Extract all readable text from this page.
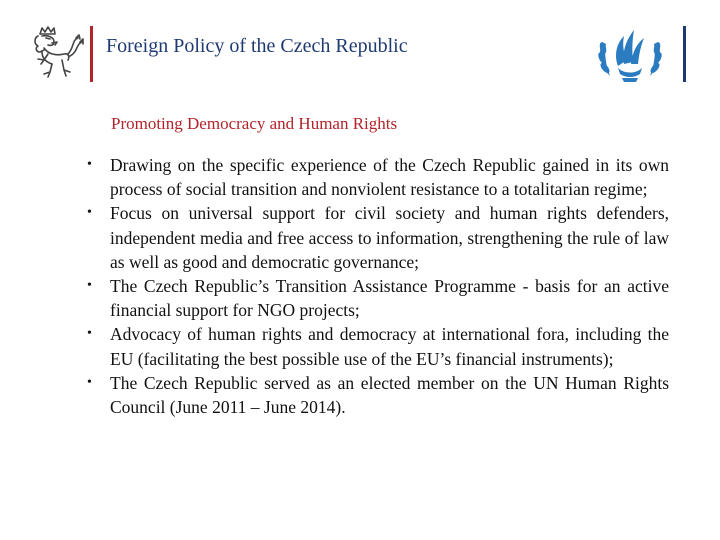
Foreign Policy of the Czech Republic
Promoting Democracy and Human Rights
• Drawing on the specific experience of the Czech Republic gained in its own process of social transition and nonviolent resistance to a totalitarian regime;
• Focus on universal support for civil society and human rights defenders, independent media and free access to information, strengthening the rule of law as well as good and democratic governance;
• The Czech Republic’s Transition Assistance Programme - basis for an active financial support for NGO projects;
• Advocacy of human rights and democracy at international fora, including the EU (facilitating the best possible use of the EU’s financial instruments);
• The Czech Republic served as an elected member on the UN Human Rights Council (June 2011 – June 2014).
